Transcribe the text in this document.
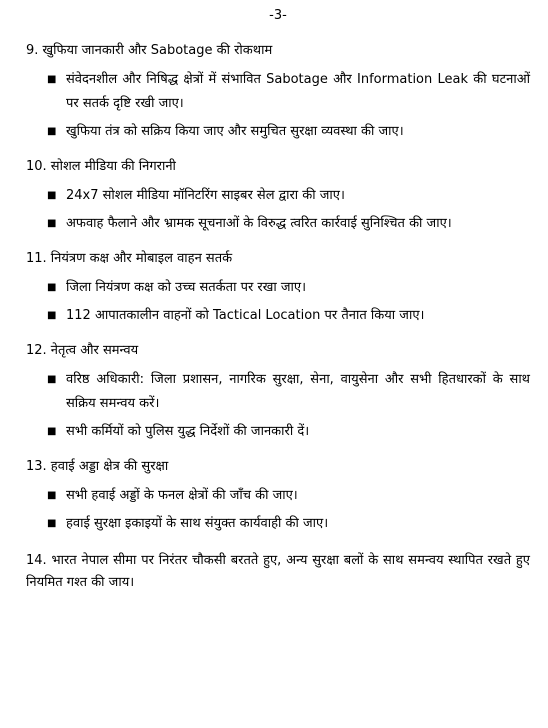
-3-
9. खुफिया जानकारी और Sabotage की रोकथाम
■ संवेदनशील और निषिद्ध क्षेत्रों में संभावित Sabotage और Information Leak की घटनाओं पर सतर्क दृष्टि रखी जाए।
■ खुफिया तंत्र को सक्रिय किया जाए और समुचित सुरक्षा व्यवस्था की जाए।
10. सोशल मीडिया की निगरानी
■ 24x7 सोशल मीडिया मॉनिटरिंग साइबर सेल द्वारा की जाए।
■ अफवाह फैलाने और भ्रामक सूचनाओं के विरुद्ध त्वरित कार्रवाई सुनिश्चित की जाए।
11. नियंत्रण कक्ष और मोबाइल वाहन सतर्क
■ जिला नियंत्रण कक्ष को उच्च सतर्कता पर रखा जाए।
■ 112 आपातकालीन वाहनों को Tactical Location पर तैनात किया जाए।
12. नेतृत्व और समन्वय
■ वरिष्ठ अधिकारी: जिला प्रशासन, नागरिक सुरक्षा, सेना, वायुसेना और सभी हितधारकों के साथ सक्रिय समन्वय करें।
■ सभी कर्मियों को पुलिस युद्ध निर्देशों की जानकारी दें।
13. हवाई अड्डा क्षेत्र की सुरक्षा
■ सभी हवाई अड्डों के फनल क्षेत्रों की जाँच की जाए।
■ हवाई सुरक्षा इकाइयों के साथ संयुक्त कार्यवाही की जाए।

14. भारत नेपाल सीमा पर निरंतर चौकसी बरतते हुए, अन्य सुरक्षा बलों के साथ समन्वय स्थापित रखते हुए नियमित गश्त की जाय।
